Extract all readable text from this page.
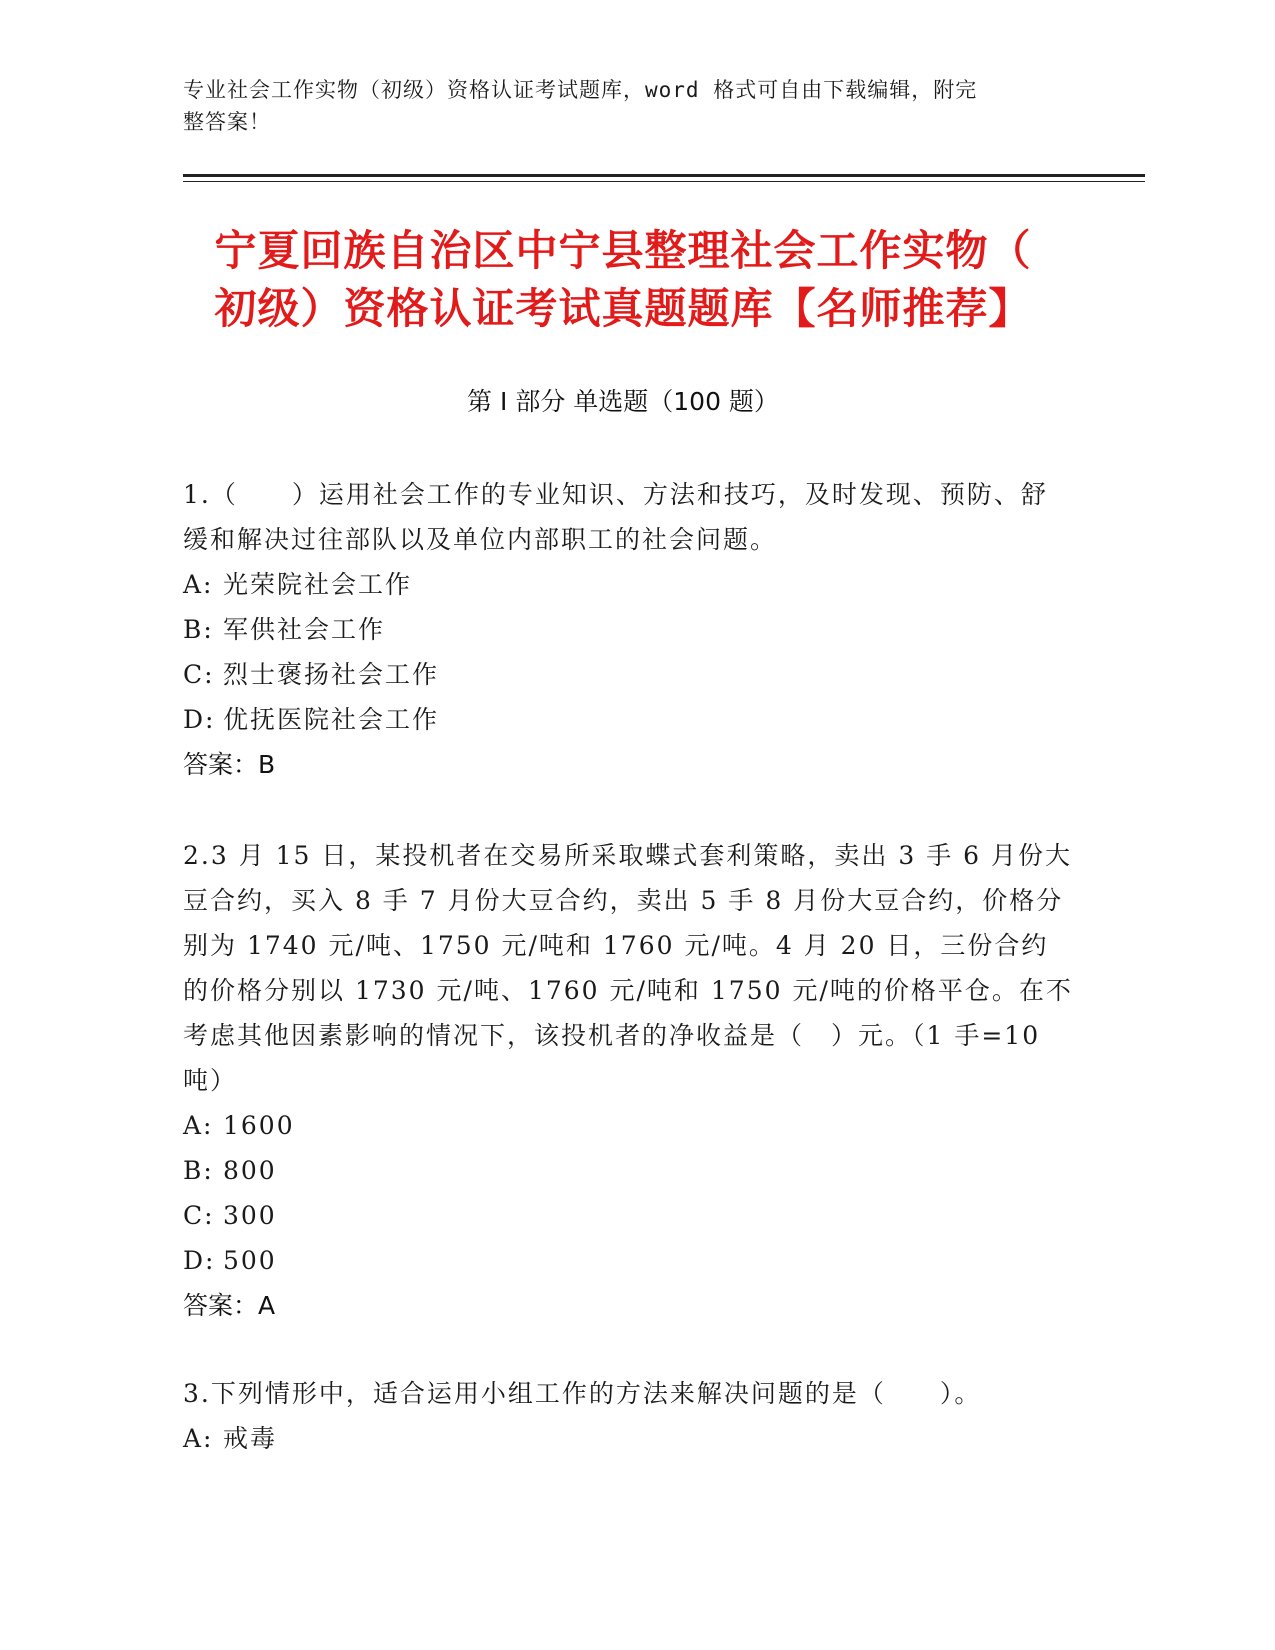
专业社会工作实物（初级）资格认证考试题库，word 格式可自由下载编辑，附完
整答案！
宁夏回族自治区中宁县整理社会工作实物（
初级）资格认证考试真题题库【名师推荐】
第 I 部分 单选题（100 题）
1.（　　）运用社会工作的专业知识、方法和技巧，及时发现、预防、舒缓和解决过往部队以及单位内部职工的社会问题。
A: 光荣院社会工作
B: 军供社会工作
C: 烈士褒扬社会工作
D: 优抚医院社会工作
答案：B
2.3 月 15 日，某投机者在交易所采取蝶式套利策略，卖出 3 手 6 月份大豆合约，买入 8 手 7 月份大豆合约，卖出 5 手 8 月份大豆合约，价格分别为 1740 元/吨、1750 元/吨和 1760 元/吨。4 月 20 日，三份合约的价格分别以 1730 元/吨、1760 元/吨和 1750 元/吨的价格平仓。在不考虑其他因素影响的情况下，该投机者的净收益是（　）元。（1 手=10 吨）
A: 1600
B: 800
C: 300
D: 500
答案：A
3.下列情形中，适合运用小组工作的方法来解决问题的是（　　）。
A: 戒毒
